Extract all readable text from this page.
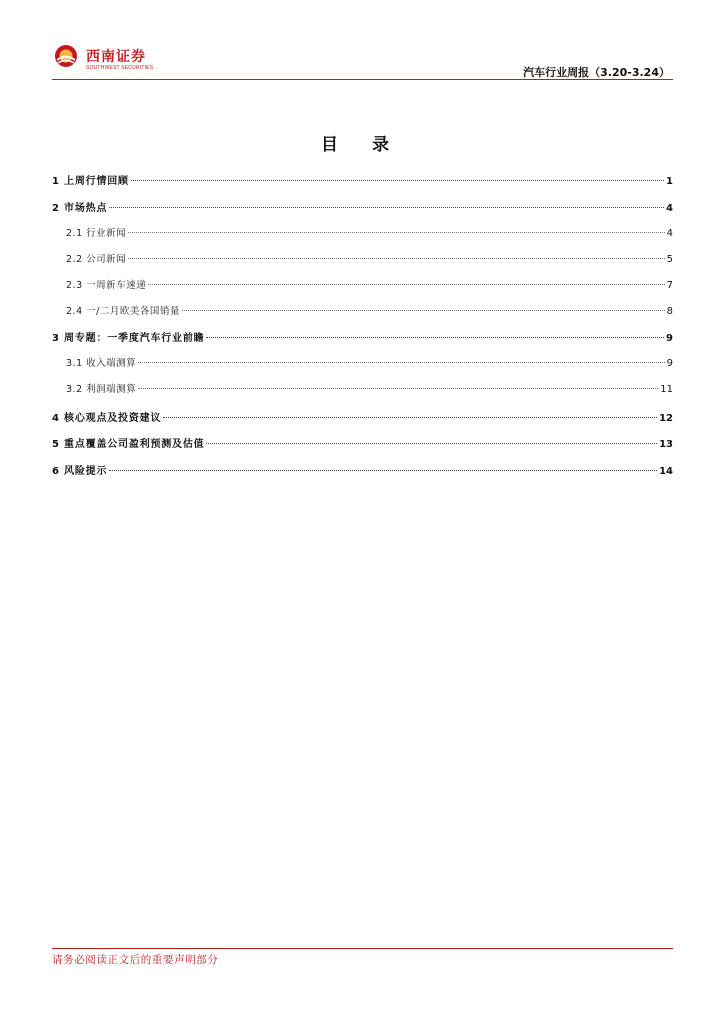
西南证券
SOUTHWEST SECURITIES	汽车行业周报（3.20-3.24）
目 录
1 上周行情回顾	1
2 市场热点	4
2.1 行业新闻	4
2.2 公司新闻	5
2.3 一周新车速递	7
2.4 一/二月欧美各国销量	8
3 周专题：一季度汽车行业前瞻	9
3.1 收入端测算	9
3.2 利润端测算	11
4 核心观点及投资建议	12
5 重点覆盖公司盈利预测及估值	13
6 风险提示	14
请务必阅读正文后的重要声明部分
